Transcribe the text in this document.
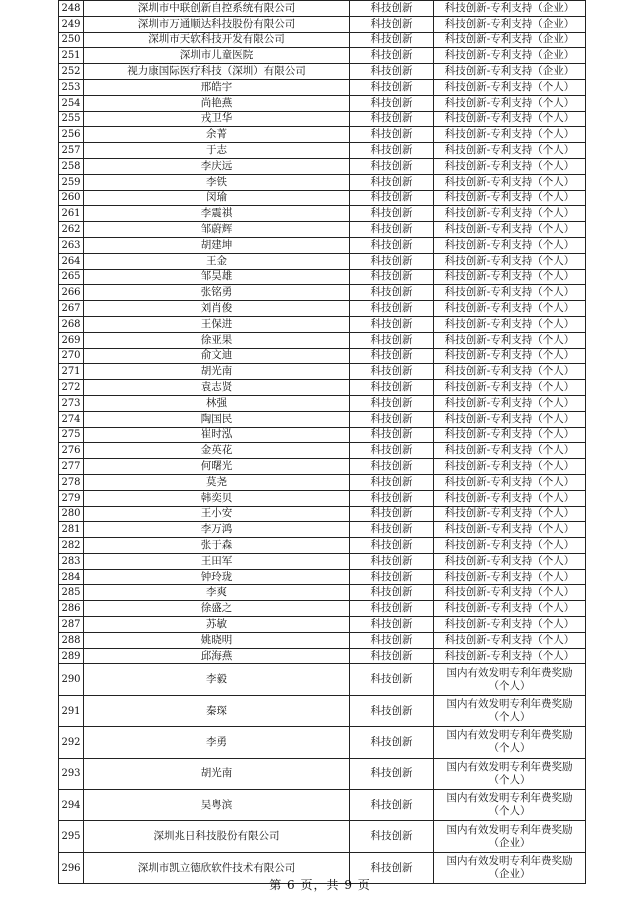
248	深圳市中联创新自控系统有限公司	科技创新	科技创新-专利支持（企业）
249	深圳市万通顺达科技股份有限公司	科技创新	科技创新-专利支持（企业）
250	深圳市天软科技开发有限公司	科技创新	科技创新-专利支持（企业）
251	深圳市儿童医院	科技创新	科技创新-专利支持（企业）
252	视力康国际医疗科技（深圳）有限公司	科技创新	科技创新-专利支持（企业）
253	邢皓宇	科技创新	科技创新-专利支持（个人）
254	尚艳燕	科技创新	科技创新-专利支持（个人）
255	戎卫华	科技创新	科技创新-专利支持（个人）
256	余菁	科技创新	科技创新-专利支持（个人）
257	于志	科技创新	科技创新-专利支持（个人）
258	李庆远	科技创新	科技创新-专利支持（个人）
259	李铁	科技创新	科技创新-专利支持（个人）
260	闵瑜	科技创新	科技创新-专利支持（个人）
261	李震祺	科技创新	科技创新-专利支持（个人）
262	邹蔚辉	科技创新	科技创新-专利支持（个人）
263	胡建坤	科技创新	科技创新-专利支持（个人）
264	王金	科技创新	科技创新-专利支持（个人）
265	邹昊雄	科技创新	科技创新-专利支持（个人）
266	张铭勇	科技创新	科技创新-专利支持（个人）
267	刘肖俊	科技创新	科技创新-专利支持（个人）
268	王保进	科技创新	科技创新-专利支持（个人）
269	徐亚果	科技创新	科技创新-专利支持（个人）
270	俞文迪	科技创新	科技创新-专利支持（个人）
271	胡光南	科技创新	科技创新-专利支持（个人）
272	袁志贤	科技创新	科技创新-专利支持（个人）
273	林强	科技创新	科技创新-专利支持（个人）
274	陶国民	科技创新	科技创新-专利支持（个人）
275	崔时泓	科技创新	科技创新-专利支持（个人）
276	金英花	科技创新	科技创新-专利支持（个人）
277	何曙光	科技创新	科技创新-专利支持（个人）
278	莫尧	科技创新	科技创新-专利支持（个人）
279	韩奕贝	科技创新	科技创新-专利支持（个人）
280	王小安	科技创新	科技创新-专利支持（个人）
281	李万鸿	科技创新	科技创新-专利支持（个人）
282	张于森	科技创新	科技创新-专利支持（个人）
283	王田军	科技创新	科技创新-专利支持（个人）
284	钟玲珑	科技创新	科技创新-专利支持（个人）
285	李爽	科技创新	科技创新-专利支持（个人）
286	徐盛之	科技创新	科技创新-专利支持（个人）
287	苏敏	科技创新	科技创新-专利支持（个人）
288	姚晓明	科技创新	科技创新-专利支持（个人）
289	邱海燕	科技创新	科技创新-专利支持（个人）
290	李毅	科技创新	国内有效发明专利年费奖励（个人）
291	秦琛	科技创新	国内有效发明专利年费奖励（个人）
292	李勇	科技创新	国内有效发明专利年费奖励（个人）
293	胡光南	科技创新	国内有效发明专利年费奖励（个人）
294	吴粤滨	科技创新	国内有效发明专利年费奖励（个人）
295	深圳兆日科技股份有限公司	科技创新	国内有效发明专利年费奖励（企业）
296	深圳市凯立德欣软件技术有限公司	科技创新	国内有效发明专利年费奖励（企业）
第 6 页，共 9 页
